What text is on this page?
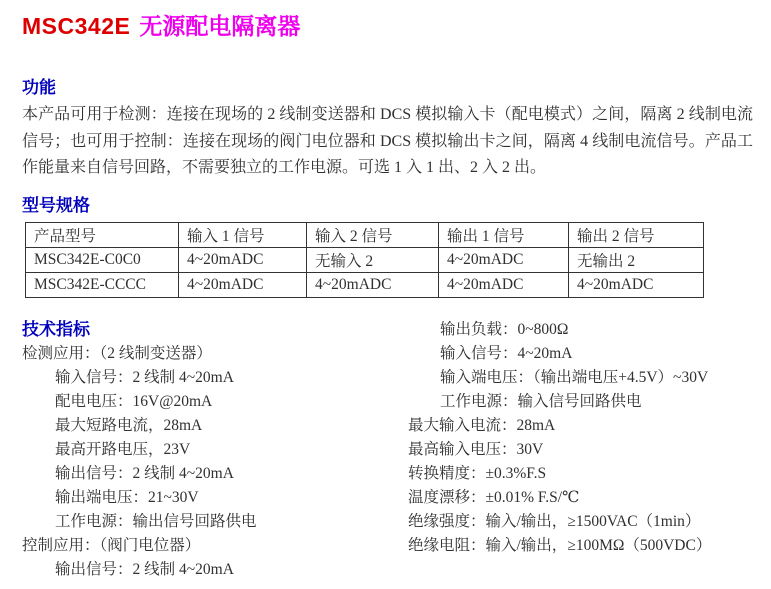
MSC342E 无源配电隔离器
功能

本产品可用于检测：连接在现场的 2 线制变送器和 DCS 模拟输入卡（配电模式）之间，隔离 2 线制电流信号；也可用于控制：连接在现场的阀门电位器和 DCS 模拟输出卡之间，隔离 4 线制电流信号。产品工作能量来自信号回路，不需要独立的工作电源。可选 1 入 1 出、2 入 2 出。

型号规格
产品型号	输入 1 信号	输入 2 信号	输出 1 信号	输出 2 信号
MSC342E-C0C0	4~20mADC	无输入 2	4~20mADC	无输出 2
MSC342E-CCCC	4~20mADC	4~20mADC	4~20mADC	4~20mADC
技术指标
检测应用：（2 线制变送器）
输入信号：2 线制 4~20mA
配电电压：16V@20mA
最大短路电流，28mA
最高开路电压，23V
输出信号：2 线制 4~20mA
输出端电压：21~30V
工作电源：输出信号回路供电
控制应用：（阀门电位器）
输出信号：2 线制 4~20mA
输出负载：0~800Ω
输入信号：4~20mA
输入端电压：（输出端电压+4.5V）~30V
工作电源：输入信号回路供电
最大输入电流：28mA
最高输入电压：30V
转换精度：±0.3%F.S
温度漂移：±0.01% F.S/℃
绝缘强度：输入/输出，≥1500VAC（1min）
绝缘电阻：输入/输出，≥100MΩ（500VDC）
